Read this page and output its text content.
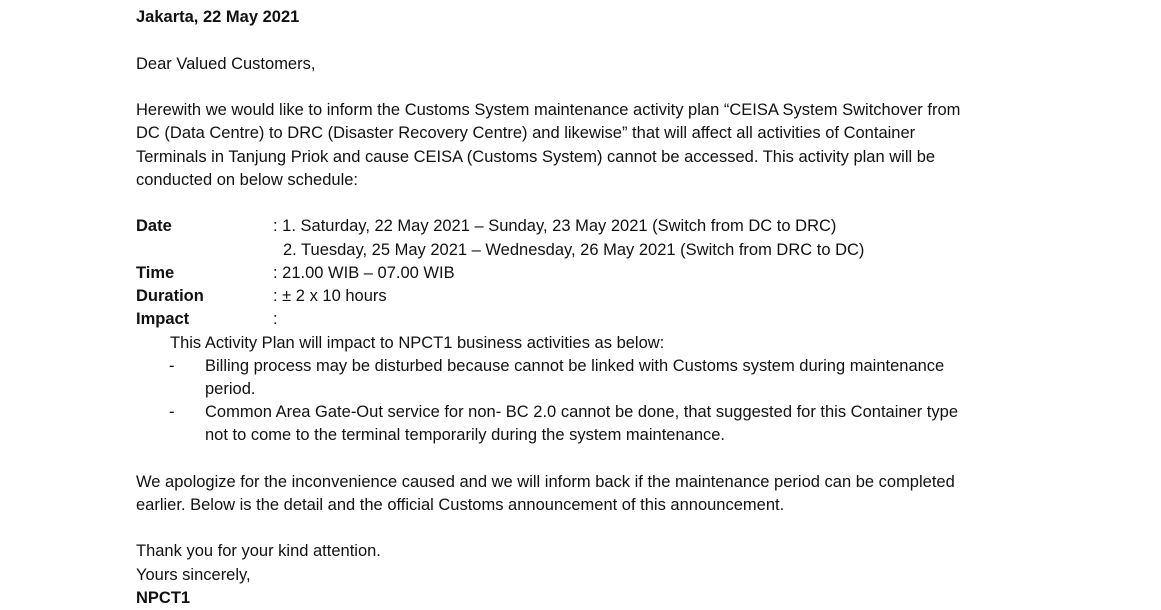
Jakarta, 22 May 2021
Dear Valued Customers,
Herewith we would like to inform the Customs System maintenance activity plan “CEISA System Switchover from
DC (Data Centre) to DRC (Disaster Recovery Centre) and likewise” that will affect all activities of Container
Terminals in Tanjung Priok and cause CEISA (Customs System) cannot be accessed. This activity plan will be
conducted on below schedule:
Date	: 1. Saturday, 22 May 2021 – Sunday, 23 May 2021 (Switch from DC to DRC)
2. Tuesday, 25 May 2021 – Wednesday, 26 May 2021 (Switch from DRC to DC)
Time	: 21.00 WIB – 07.00 WIB
Duration	: ± 2 x 10 hours
Impact	:
This Activity Plan will impact to NPCT1 business activities as below:
- Billing process may be disturbed because cannot be linked with Customs system during maintenance
period.
- Common Area Gate-Out service for non- BC 2.0 cannot be done, that suggested for this Container type
not to come to the terminal temporarily during the system maintenance.
We apologize for the inconvenience caused and we will inform back if the maintenance period can be completed
earlier. Below is the detail and the official Customs announcement of this announcement.
Thank you for your kind attention.
Yours sincerely,
NPCT1
